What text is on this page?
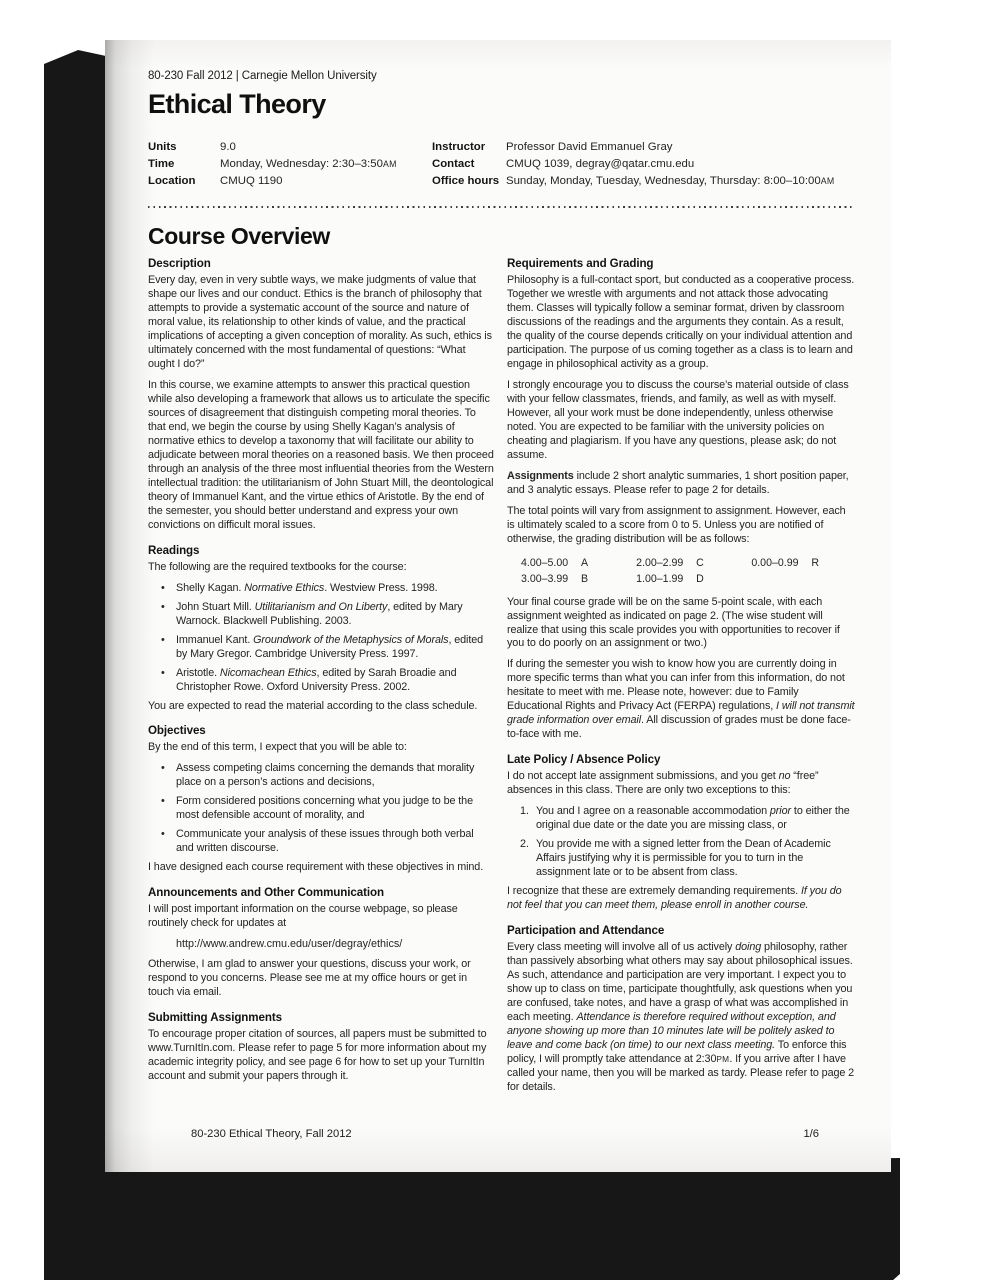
80-230 Fall 2012 | Carnegie Mellon University
Ethical Theory
Units	9.0
Time	Monday, Wednesday: 2:30–3:50AM
Location	CMUQ 1190
Instructor	Professor David Emmanuel Gray
Contact	CMUQ 1039, degray@qatar.cmu.edu
Office hours Sunday, Monday, Tuesday, Wednesday, Thursday: 8:00–10:00AM
Course Overview
Description

Every day, even in very subtle ways, we make judgments of value that shape our lives and our conduct. Ethics is the branch of philosophy that attempts to provide a systematic account of the source and nature of moral value, its relationship to other kinds of value, and the practical implications of accepting a given conception of morality. As such, ethics is ultimately concerned with the most fundamental of questions: “What ought I do?”

In this course, we examine attempts to answer this practical question while also developing a framework that allows us to articulate the specific sources of disagreement that distinguish competing moral theories. To that end, we begin the course by using Shelly Kagan’s analysis of normative ethics to develop a taxonomy that will facilitate our ability to adjudicate between moral theories on a reasoned basis. We then proceed through an analysis of the three most influential theories from the Western intellectual tradition: the utilitarianism of John Stuart Mill, the deontological theory of Immanuel Kant, and the virtue ethics of Aristotle. By the end of the semester, you should better understand and express your own convictions on difficult moral issues.

Readings

The following are the required textbooks for the course:

•	Shelly Kagan. Normative Ethics. Westview Press. 1998.
•	John Stuart Mill. Utilitarianism and On Liberty, edited by Mary Warnock. Blackwell Publishing. 2003.
•	Immanuel Kant. Groundwork of the Metaphysics of Morals, edited by Mary Gregor. Cambridge University Press. 1997.
•	Aristotle. Nicomachean Ethics, edited by Sarah Broadie and Christopher Rowe. Oxford University Press. 2002.

You are expected to read the material according to the class schedule.

Objectives

By the end of this term, I expect that you will be able to:

•	Assess competing claims concerning the demands that morality place on a person’s actions and decisions,
•	Form considered positions concerning what you judge to be the most defensible account of morality, and
•	Communicate your analysis of these issues through both verbal and written discourse.

I have designed each course requirement with these objectives in mind.

Announcements and Other Communication

I will post important information on the course webpage, so please routinely check for updates at

http://www.andrew.cmu.edu/user/degray/ethics/

Otherwise, I am glad to answer your questions, discuss your work, or respond to you concerns. Please see me at my office hours or get in touch via email.

Submitting Assignments

To encourage proper citation of sources, all papers must be submitted to www.TurnItIn.com. Please refer to page 5 for more information about my academic integrity policy, and see page 6 for how to set up your TurnItIn account and submit your papers through it.

Requirements and Grading

Philosophy is a full-contact sport, but conducted as a cooperative process. Together we wrestle with arguments and not attack those advocating them. Classes will typically follow a seminar format, driven by classroom discussions of the readings and the arguments they contain. As a result, the quality of the course depends critically on your individual attention and participation. The purpose of us coming together as a class is to learn and engage in philosophical activity as a group.

I strongly encourage you to discuss the course’s material outside of class with your fellow classmates, friends, and family, as well as with myself. However, all your work must be done independently, unless otherwise noted. You are expected to be familiar with the university policies on cheating and plagiarism. If you have any questions, please ask; do not assume.

Assignments include 2 short analytic summaries, 1 short position paper, and 3 analytic essays. Please refer to page 2 for details.

The total points will vary from assignment to assignment. However, each is ultimately scaled to a score from 0 to 5. Unless you are notified of otherwise, the grading distribution will be as follows:

4.00–5.00	A
3.00–3.99	B
2.00–2.99	C
1.00–1.99	D
0.00–0.99	R

Your final course grade will be on the same 5-point scale, with each assignment weighted as indicated on page 2. (The wise student will realize that using this scale provides you with opportunities to recover if you to do poorly on an assignment or two.)

If during the semester you wish to know how you are currently doing in more specific terms than what you can infer from this information, do not hesitate to meet with me. Please note, however: due to Family Educational Rights and Privacy Act (FERPA) regulations, I will not transmit grade information over email. All discussion of grades must be done face-to-face with me.

Late Policy / Absence Policy

I do not accept late assignment submissions, and you get no “free” absences in this class. There are only two exceptions to this:

1. You and I agree on a reasonable accommodation prior to either the original due date or the date you are missing class, or
2. You provide me with a signed letter from the Dean of Academic Affairs justifying why it is permissible for you to turn in the assignment late or to be absent from class.

I recognize that these are extremely demanding requirements. If you do not feel that you can meet them, please enroll in another course.

Participation and Attendance

Every class meeting will involve all of us actively doing philosophy, rather than passively absorbing what others may say about philosophical issues. As such, attendance and participation are very important. I expect you to show up to class on time, participate thoughtfully, ask questions when you are confused, take notes, and have a grasp of what was accomplished in each meeting. Attendance is therefore required without exception, and anyone showing up more than 10 minutes late will be politely asked to leave and come back (on time) to our next class meeting. To enforce this policy, I will promptly take attendance at 2:30PM. If you arrive after I have called your name, then you will be marked as tardy. Please refer to page 2 for details.

80-230 Ethical Theory, Fall 2012	1/6
